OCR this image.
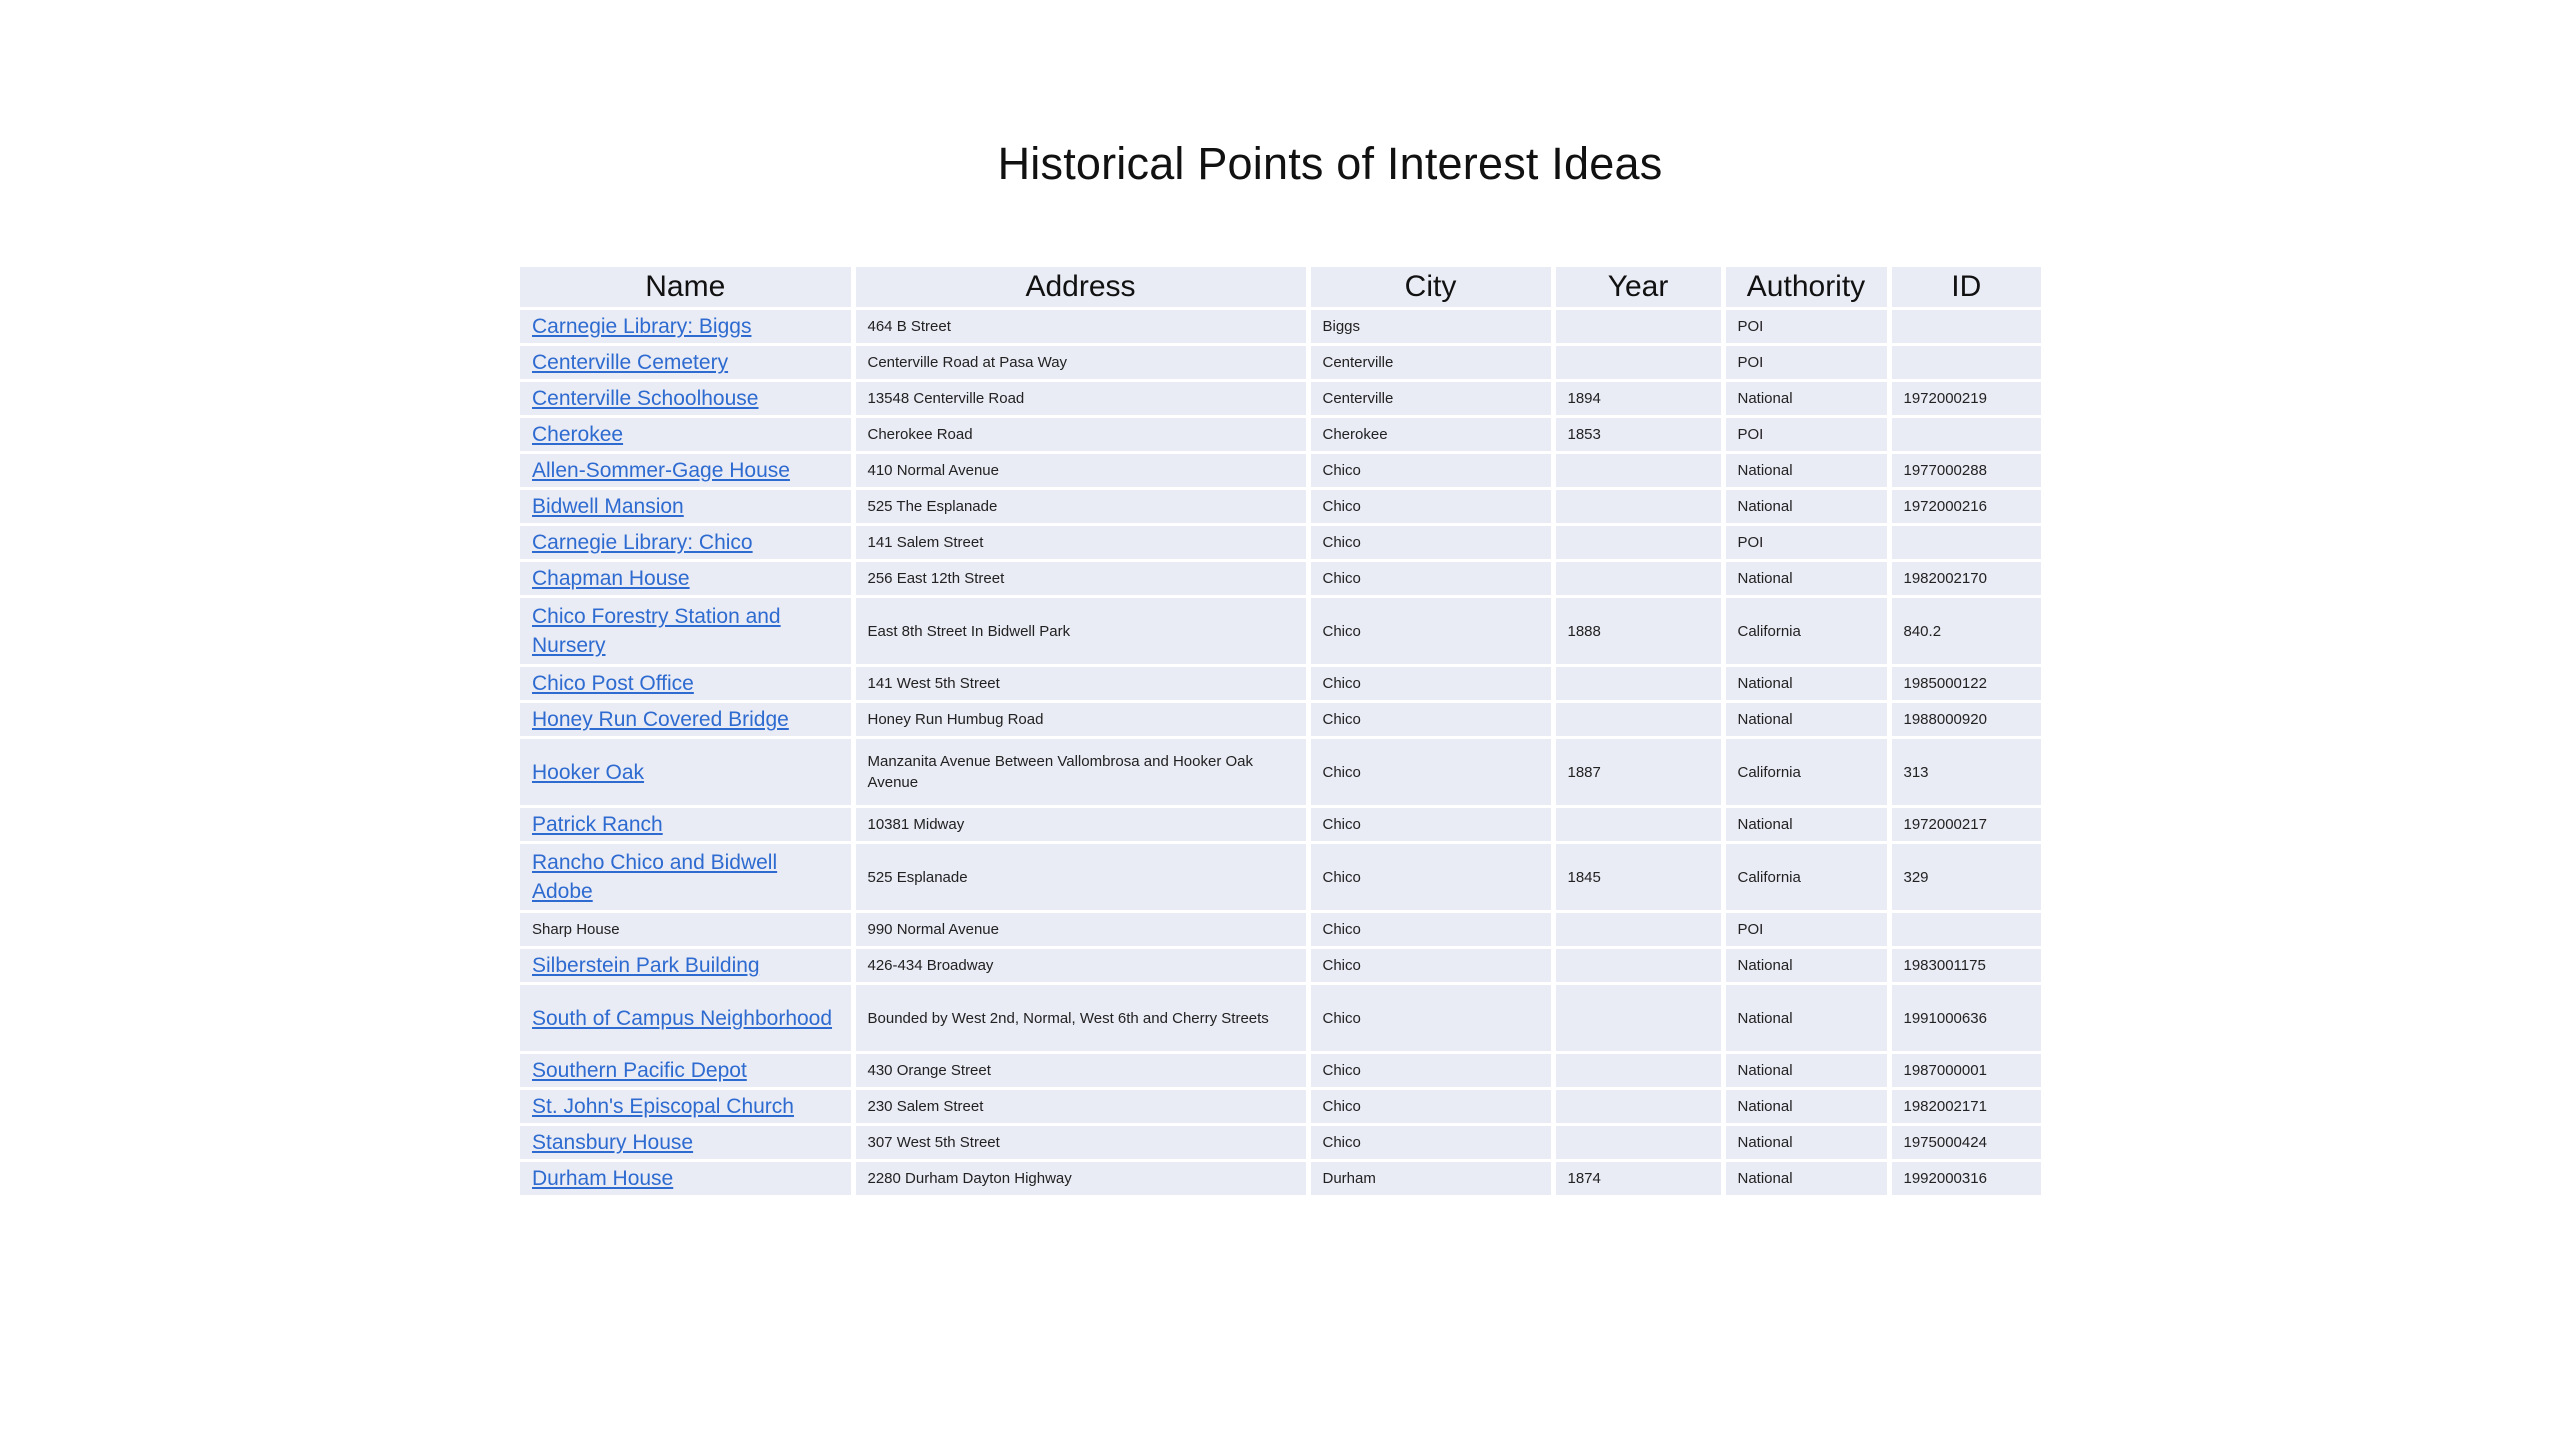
Historical Points of Interest Ideas
Name	Address	City	Year	Authority	ID
Carnegie Library: Biggs	464 B Street	Biggs		POI	
Centerville Cemetery	Centerville Road at Pasa Way	Centerville		POI	
Centerville Schoolhouse	13548 Centerville Road	Centerville	1894	National	1972000219
Cherokee	Cherokee Road	Cherokee	1853	POI	
Allen-Sommer-Gage House	410 Normal Avenue	Chico		National	1977000288
Bidwell Mansion	525 The Esplanade	Chico		National	1972000216
Carnegie Library: Chico	141 Salem Street	Chico		POI	
Chapman House	256 East 12th Street	Chico		National	1982002170
Chico Forestry Station and Nursery	East 8th Street In Bidwell Park	Chico	1888	California	840.2
Chico Post Office	141 West 5th Street	Chico		National	1985000122
Honey Run Covered Bridge	Honey Run Humbug Road	Chico		National	1988000920
Hooker Oak	Manzanita Avenue Between Vallombrosa and Hooker Oak Avenue	Chico	1887	California	313
Patrick Ranch	10381 Midway	Chico		National	1972000217
Rancho Chico and Bidwell Adobe	525 Esplanade	Chico	1845	California	329
Sharp House	990 Normal Avenue	Chico		POI	
Silberstein Park Building	426-434 Broadway	Chico		National	1983001175
South of Campus Neighborhood	Bounded by West 2nd, Normal, West 6th and Cherry Streets	Chico		National	1991000636
Southern Pacific Depot	430 Orange Street	Chico		National	1987000001
St. John's Episcopal Church	230 Salem Street	Chico		National	1982002171
Stansbury House	307 West 5th Street	Chico		National	1975000424
Durham House	2280 Durham Dayton Highway	Durham	1874	National	1992000316
